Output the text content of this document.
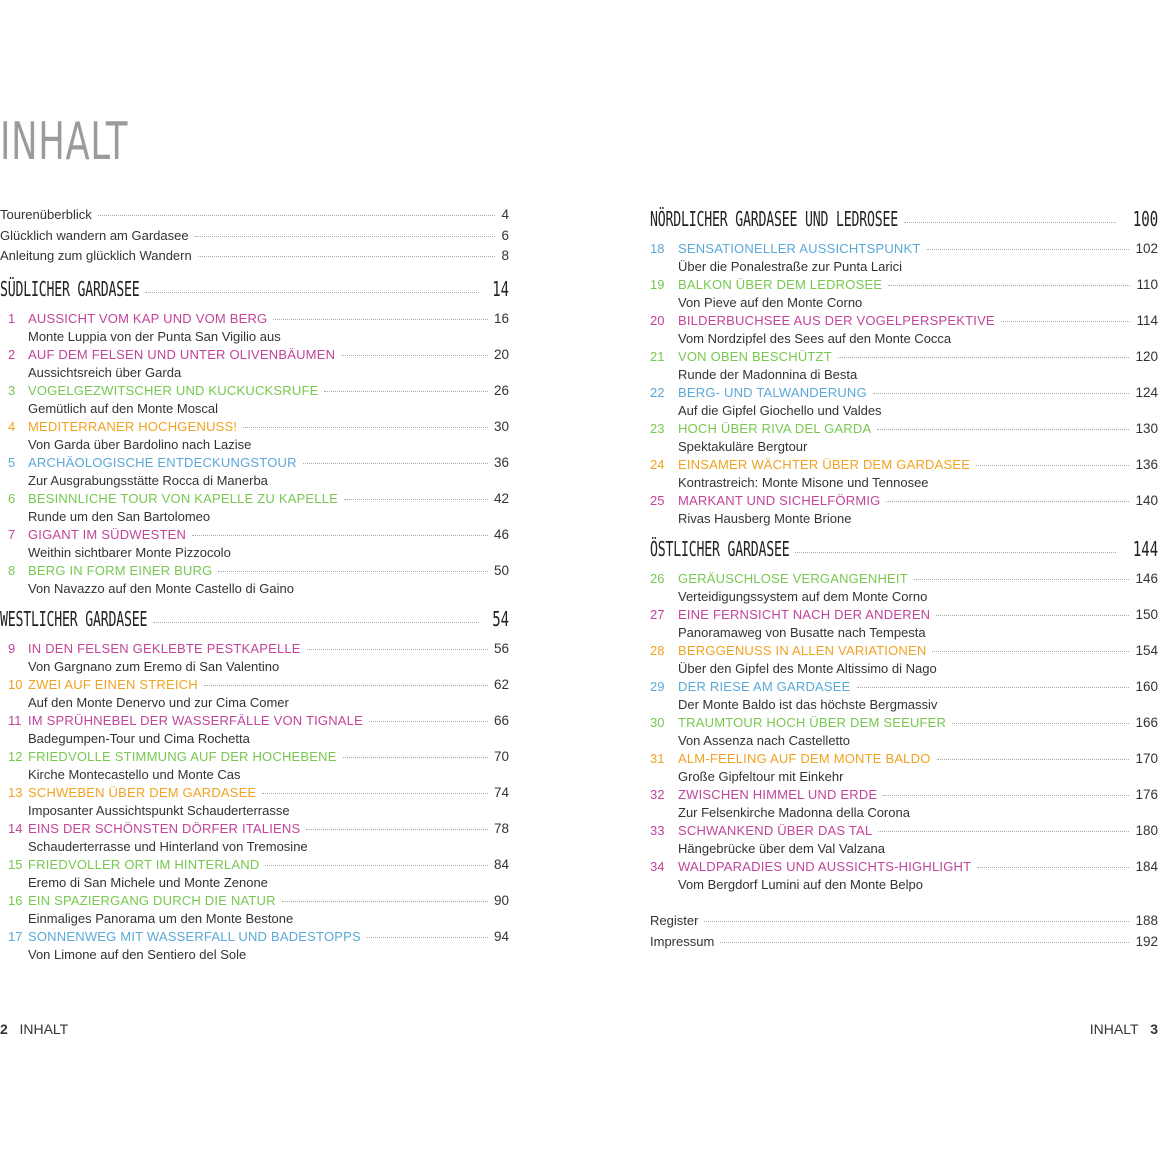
INHALT
Tourenüberblick	4
Glücklich wandern am Gardasee	6
Anleitung zum glücklich Wandern	8
SÜDLICHER GARDASEE	14
1 AUSSICHT VOM KAP UND VOM BERG	16
Monte Luppia von der Punta San Vigilio aus
2 AUF DEM FELSEN UND UNTER OLIVENBÄUMEN	20
Aussichtsreich über Garda
3 VOGELGEZWITSCHER UND KUCKUCKSRUFE	26
Gemütlich auf den Monte Moscal
4 MEDITERRANER HOCHGENUSS!	30
Von Garda über Bardolino nach Lazise
5 ARCHÄOLOGISCHE ENTDECKUNGSTOUR	36
Zur Ausgrabungsstätte Rocca di Manerba
6 BESINNLICHE TOUR VON KAPELLE ZU KAPELLE	42
Runde um den San Bartolomeo
7 GIGANT IM SÜDWESTEN	46
Weithin sichtbarer Monte Pizzocolo
8 BERG IN FORM EINER BURG	50
Von Navazzo auf den Monte Castello di Gaino
WESTLICHER GARDASEE	54
9 IN DEN FELSEN GEKLEBTE PESTKAPELLE	56
Von Gargnano zum Eremo di San Valentino
10 ZWEI AUF EINEN STREICH	62
Auf den Monte Denervo und zur Cima Comer
11 IM SPRÜHNEBEL DER WASSERFÄLLE VON TIGNALE	66
Badegumpen-Tour und Cima Rochetta
12 FRIEDVOLLE STIMMUNG AUF DER HOCHEBENE	70
Kirche Montecastello und Monte Cas
13 SCHWEBEN ÜBER DEM GARDASEE	74
Imposanter Aussichtspunkt Schauderterrasse
14 EINS DER SCHÖNSTEN DÖRFER ITALIENS	78
Schauderterrasse und Hinterland von Tremosine
15 FRIEDVOLLER ORT IM HINTERLAND	84
Eremo di San Michele und Monte Zenone
16 EIN SPAZIERGANG DURCH DIE NATUR	90
Einmaliges Panorama um den Monte Bestone
17 SONNENWEG MIT WASSERFALL UND BADESTOPPS	94
Von Limone auf den Sentiero del Sole
NÖRDLICHER GARDASEE UND LEDROSEE	100
18	SENSATIONELLER AUSSICHTSPUNKT	102
Über die Ponalestraße zur Punta Larici
19	BALKON ÜBER DEM LEDROSEE	110
Von Pieve auf den Monte Corno
20	BILDERBUCHSEE AUS DER VOGELPERSPEKTIVE	114
Vom Nordzipfel des Sees auf den Monte Cocca
21	VON OBEN BESCHÜTZT	120
Runde der Madonnina di Besta
22	BERG- UND TALWANDERUNG	124
Auf die Gipfel Giochello und Valdes
23	HOCH ÜBER RIVA DEL GARDA	130
Spektakuläre Bergtour
24	EINSAMER WÄCHTER ÜBER DEM GARDASEE	136
Kontrastreich: Monte Misone und Tennosee
25	MARKANT UND SICHELFÖRMIG	140
Rivas Hausberg Monte Brione
ÖSTLICHER GARDASEE	144
26	GERÄUSCHLOSE VERGANGENHEIT	146
Verteidigungssystem auf dem Monte Corno
27	EINE FERNSICHT NACH DER ANDEREN	150
Panoramaweg von Busatte nach Tempesta
28	BERGGENUSS IN ALLEN VARIATIONEN	154
Über den Gipfel des Monte Altissimo di Nago
29	DER RIESE AM GARDASEE	160
Der Monte Baldo ist das höchste Bergmassiv
30	TRAUMTOUR HOCH ÜBER DEM SEEUFER	166
Von Assenza nach Castelletto
31	ALM-FEELING AUF DEM MONTE BALDO	170
Große Gipfeltour mit Einkehr
32	ZWISCHEN HIMMEL UND ERDE	176
Zur Felsenkirche Madonna della Corona
33	SCHWANKEND ÜBER DAS TAL	180
Hängebrücke über dem Val Valzana
34	WALDPARADIES UND AUSSICHTS-HIGHLIGHT	184
Vom Bergdorf Lumini auf den Monte Belpo
Register	188
Impressum	192
2 INHALT	INHALT 3
